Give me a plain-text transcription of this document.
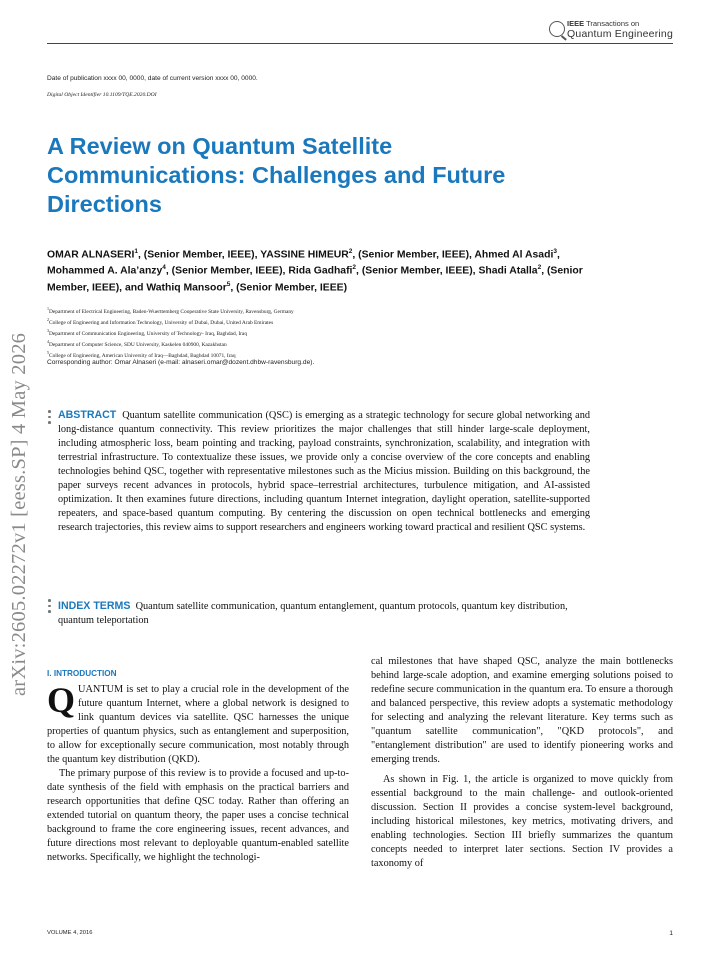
IEEE Transactions on
Quantum Engineering
Date of publication xxxx 00, 0000, date of current version xxxx 00, 0000.
Digital Object Identifier 10.1109/TQE.2020.DOI
A Review on Quantum Satellite Communications: Challenges and Future Directions
OMAR ALNASERI$^1$, (Senior Member, IEEE), YASSINE HIMEUR$^2$, (Senior Member, IEEE), Ahmed Al Asadi$^3$, Mohammed A. Ala’anzy$^4$, (Senior Member, IEEE), Rida Gadhafi$^2$, (Senior Member, IEEE), Shadi Atalla$^2$, (Senior Member, IEEE), and Wathiq Mansoor$^5$, (Senior Member, IEEE)
$^1$Department of Electrical Engineering, Baden-Wuerttemberg Cooperative State University, Ravensburg, Germany
$^2$College of Engineering and Information Technology, University of Dubai, Dubai, United Arab Emirates
$^3$Department of Communication Engineering, University of Technology- Iraq, Baghdad, Iraq
$^4$Department of Computer Science, SDU University, Kaskelen 040900, Kazakhstan
$^5$College of Engineering, American University of Iraq—Baghdad, Baghdad 10071, Iraq
Corresponding author: Omar Alnaseri (e-mail: alnaseri.omar@dozent.dhbw-ravensburg.de).
arXiv:2605.02272v1 [eess.SP] 4 May 2026	ABSTRACT Quantum satellite communication (QSC) is emerging as a strategic technology for secure global networking and long-distance quantum connectivity. This review prioritizes the major challenges that still hinder large-scale deployment, including atmospheric loss, beam pointing and tracking, payload constraints, synchronization, scalability, and integration with terrestrial infrastructure. To contextualize these issues, we provide only a concise overview of the core concepts and enabling technologies behind QSC, together with representative milestones such as the Micius mission. Building on this background, the paper surveys recent advances in protocols, hybrid space–terrestrial architectures, turbulence mitigation, and AI-assisted optimization. It then examines future directions, including quantum Internet integration, daylight operation, satellite-supported repeaters, and space-based quantum computing. By centering the discussion on open technical bottlenecks and emerging research trajectories, this review aims to support researchers and engineers working toward practical and resilient QSC systems.
INDEX TERMS Quantum satellite communication, quantum entanglement, quantum protocols, quantum key distribution, quantum teleportation
I. INTRODUCTION

QUANTUM is set to play a crucial role in the development of the future quantum Internet, where a global network is designed to link quantum devices via satellite. QSC harnesses the unique properties of quantum physics, such as entanglement and superposition, to allow for exceptionally secure communication, most notably through the quantum key distribution (QKD).

The primary purpose of this review is to provide a focused and up-to-date synthesis of the field with emphasis on the practical barriers and research opportunities that define QSC today. Rather than offering an extended tutorial on quantum theory, the paper uses a concise technical background to frame the core engineering issues, recent advances, and future directions most relevant to deployable quantum-enabled satellite networks. Specifically, we highlight the technologi-

cal milestones that have shaped QSC, analyze the main bottlenecks behind large-scale adoption, and examine emerging solutions poised to redefine secure communication in the quantum era. To ensure a thorough and balanced perspective, this review adopts a systematic methodology for selecting and analyzing the relevant literature. Key terms such as "quantum satellite communication", "QKD protocols", and "entanglement distribution" are used to identify pioneering works and emerging trends.

As shown in Fig. 1, the article is organized to move quickly from essential background to the main challenge- and outlook-oriented discussion. Section II provides a concise system-level background, including historical milestones, key metrics, motivating drivers, and enabling technologies. Section III briefly summarizes the quantum concepts needed to interpret later sections. Section IV provides a taxonomy of

VOLUME 4, 2016	1
